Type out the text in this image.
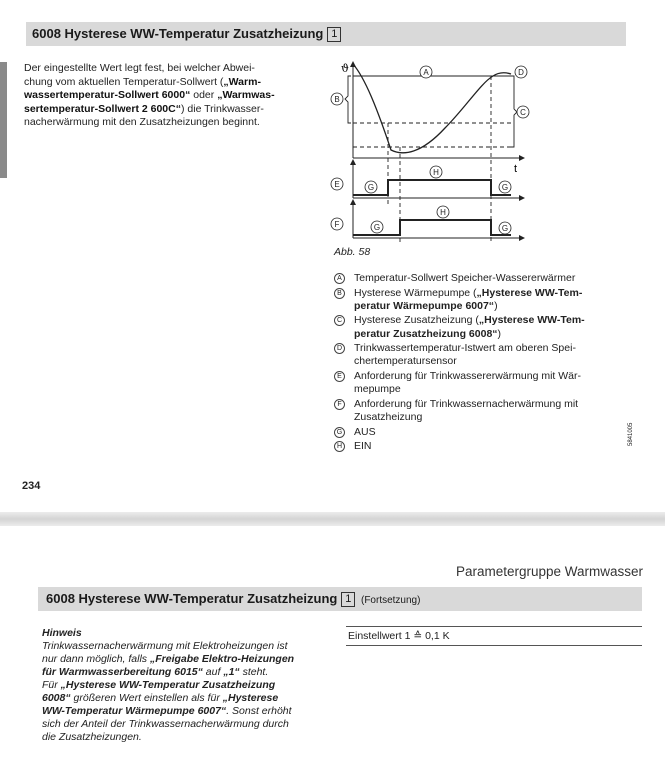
6008 Hysterese WW-Temperatur Zusatzheizung 1
Der eingestellte Wert legt fest, bei welcher Abwei-
chung vom aktuellen Temperatur-Sollwert („Warm-
wassertemperatur-Sollwert 6000“ oder „Warmwas-
sertemperatur-Sollwert 2 600C“) die Trinkwasser-
nacherwärmung mit den Zusatzheizungen beginnt.
ϑ
t
A
B
C
D
E
F
G
H
G
G
H
G
Abb. 58
A	Temperatur-Sollwert Speicher-Wassererwärmer
B	Hysterese Wärmepumpe („Hysterese WW-Tem-
peratur Wärmepumpe 6007“)
C Hysterese Zusatzheizung („Hysterese WW-Tem-
peratur Zusatzheizung 6008“)
D Trinkwassertemperatur-Istwert am oberen Spei-
chertemperatursensor
E	Anforderung für Trinkwassererwärmung mit Wär-
mepumpe
F	Anforderung für Trinkwassernacherwärmung mit
Zusatzheizung
G AUS
H EIN
234
5841005
Parametergruppe Warmwasser
6008 Hysterese WW-Temperatur Zusatzheizung 1 (Fortsetzung)
Hinweis
Trinkwassernacherwärmung mit Elektroheizungen ist
nur dann möglich, falls „Freigabe Elektro-Heizungen
für Warmwasserbereitung 6015“ auf „1“ steht.
Für „Hysterese WW-Temperatur Zusatzheizung
6008“ größeren Wert einstellen als für „Hysterese
WW-Temperatur Wärmepumpe 6007“. Sonst erhöht
sich der Anteil der Trinkwassernacherwärmung durch
die Zusatzheizungen.
Einstellwert 1 ≙ 0,1 K
